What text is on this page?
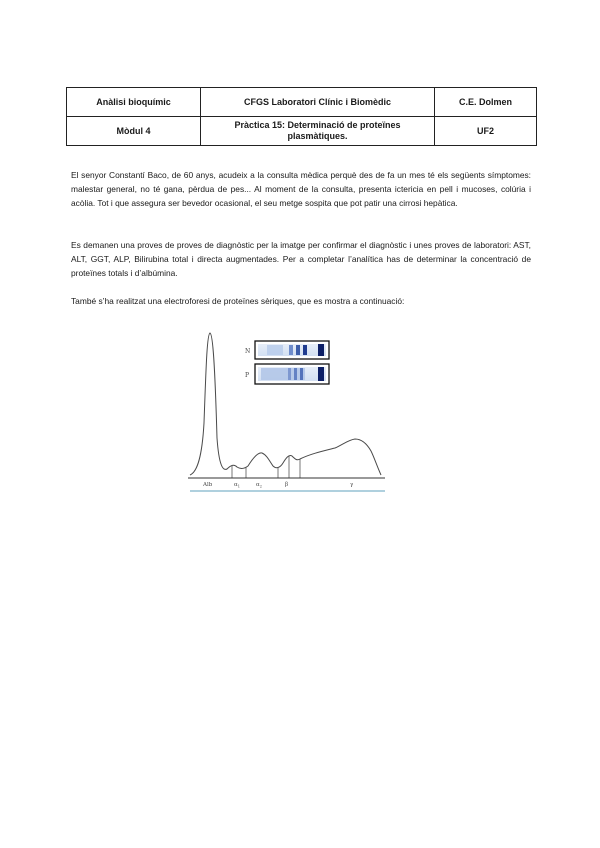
Anàlisi bioquímic	CFGS Laboratori Clínic i Biomèdic	C.E. Dolmen
Mòdul 4	Pràctica 15: Determinació de proteïnes plasmàtiques.	UF2

El senyor Constantí Baco, de 60 anys, acudeix a la consulta mèdica perquè des de fa un mes té els següents símptomes: malestar general, no té gana, pèrdua de pes... Al moment de la consulta, presenta ictericia en pell i mucoses, colúria i acòlia. Tot i que assegura ser bevedor ocasional, el seu metge sospita que pot patir una cirrosi hepàtica.

Es demanen una proves de proves de diagnòstic per la imatge per confirmar el diagnòstic i unes proves de laboratori: AST, ALT, GGT, ALP, Bilirubina total i directa augmentades. Per a completar l’analítica has de determinar la concentració de proteïnes totals i d’albúmina.

També s’ha realitzat una electroforesi de proteïnes sèriques, que es mostra a continuació:

N
P
Alb	$\alpha_1$	$\alpha_2$	β	γ
